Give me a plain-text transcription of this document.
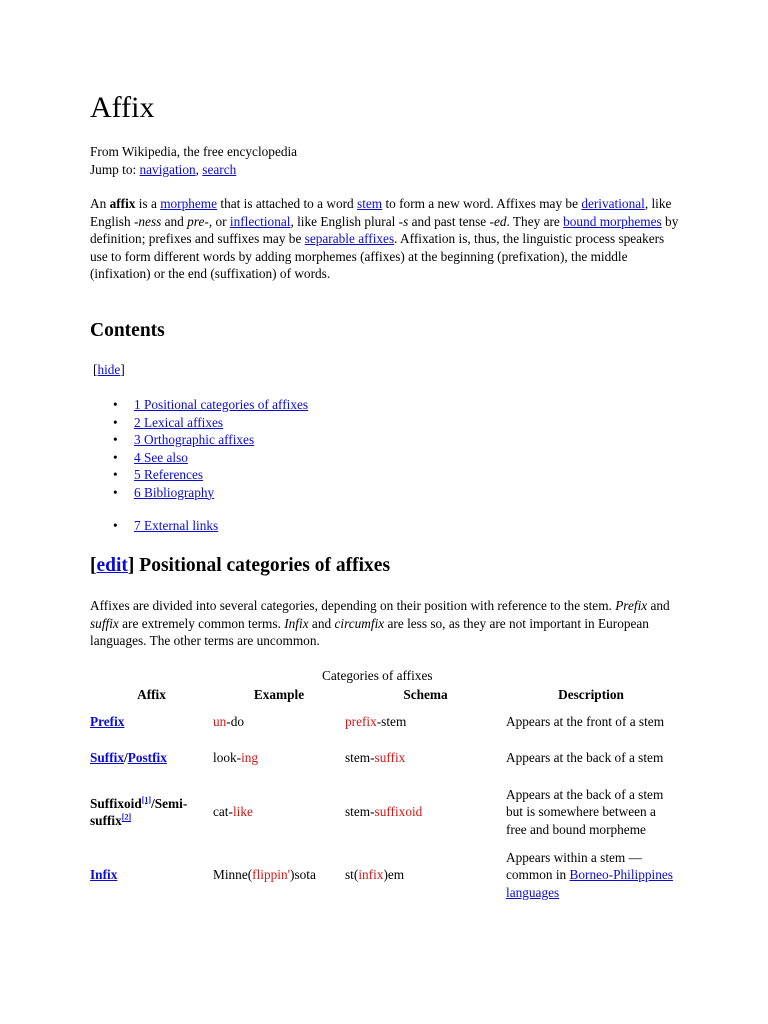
Affix
From Wikipedia, the free encyclopedia
Jump to: navigation, search

An affix is a morpheme that is attached to a word stem to form a new word. Affixes may be derivational, like English -ness and pre-, or inflectional, like English plural -s and past tense -ed. They are bound morphemes by definition; prefixes and suffixes may be separable affixes. Affixation is, thus, the linguistic process speakers use to form different words by adding morphemes (affixes) at the beginning (prefixation), the middle (infixation) or the end (suffixation) of words.

Contents
[hide]
• 1 Positional categories of affixes
• 2 Lexical affixes
• 3 Orthographic affixes
• 4 See also
• 5 References
• 6 Bibliography
• 7 External links
[edit] Positional categories of affixes

Affixes are divided into several categories, depending on their position with reference to the stem. Prefix and suffix are extremely common terms. Infix and circumfix are less so, as they are not important in European languages. The other terms are uncommon.

Categories of affixes
Affix	Example	Schema	Description
Prefix	un-do	prefix-stem	Appears at the front of a stem
Suffix/Postfix	look-ing	stem-suffix	Appears at the back of a stem
Suffixoid[1]/Semi-suffix[2]	cat-like	stem-suffixoid	Appears at the back of a stem but is somewhere between a free and bound morpheme
Infix	Minne(flippin')sota	st(infix)em	Appears within a stem — common in Borneo-Philippines languages
